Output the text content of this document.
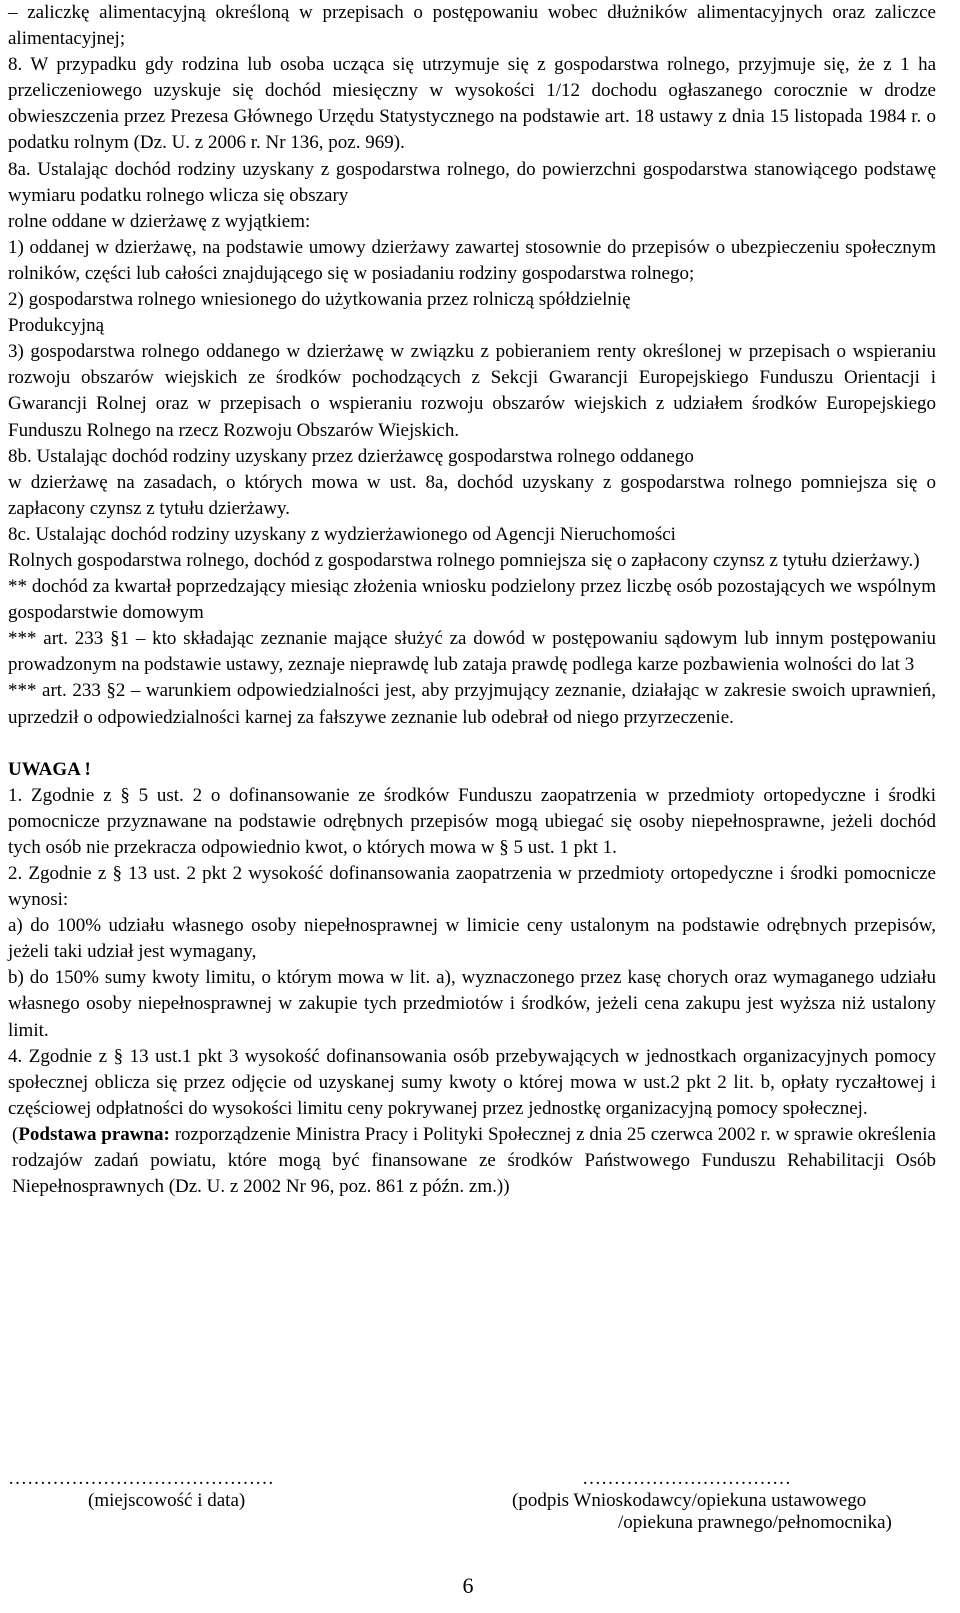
– zaliczkę alimentacyjną określoną w przepisach o postępowaniu wobec dłużników alimentacyjnych oraz zaliczce alimentacyjnej;

8. W przypadku gdy rodzina lub osoba ucząca się utrzymuje się z gospodarstwa rolnego, przyjmuje się, że z 1 ha przeliczeniowego uzyskuje się dochód miesięczny w wysokości 1/12 dochodu ogłaszanego corocznie w drodze obwieszczenia przez Prezesa Głównego Urzędu Statystycznego na podstawie art. 18 ustawy z dnia 15 listopada 1984 r. o podatku rolnym (Dz. U. z 2006 r. Nr 136, poz. 969).

8a. Ustalając dochód rodziny uzyskany z gospodarstwa rolnego, do powierzchni gospodarstwa stanowiącego podstawę wymiaru podatku rolnego wlicza się obszary

rolne oddane w dzierżawę z wyjątkiem:

1) oddanej w dzierżawę, na podstawie umowy dzierżawy zawartej stosownie do przepisów o ubezpieczeniu społecznym rolników, części lub całości znajdującego się w posiadaniu rodziny gospodarstwa rolnego;

2) gospodarstwa rolnego wniesionego do użytkowania przez rolniczą spółdzielnię

Produkcyjną

3) gospodarstwa rolnego oddanego w dzierżawę w związku z pobieraniem renty określonej w przepisach o wspieraniu rozwoju obszarów wiejskich ze środków pochodzących z Sekcji Gwarancji Europejskiego Funduszu Orientacji i Gwarancji Rolnej oraz w przepisach o wspieraniu rozwoju obszarów wiejskich z udziałem środków Europejskiego Funduszu Rolnego na rzecz Rozwoju Obszarów Wiejskich.

8b. Ustalając dochód rodziny uzyskany przez dzierżawcę gospodarstwa rolnego oddanego

w dzierżawę na zasadach, o których mowa w ust. 8a, dochód uzyskany z gospodarstwa rolnego pomniejsza się o zapłacony czynsz z tytułu dzierżawy.

8c. Ustalając dochód rodziny uzyskany z wydzierżawionego od Agencji Nieruchomości

Rolnych gospodarstwa rolnego, dochód z gospodarstwa rolnego pomniejsza się o zapłacony czynsz z tytułu dzierżawy.)

** dochód za kwartał poprzedzający miesiąc złożenia wniosku podzielony przez liczbę osób pozostających we wspólnym gospodarstwie domowym

*** art. 233 §1 – kto składając zeznanie mające służyć za dowód w postępowaniu sądowym lub innym postępowaniu prowadzonym na podstawie ustawy, zeznaje nieprawdę lub zataja prawdę podlega karze pozbawienia wolności do lat 3

*** art. 233 §2 – warunkiem odpowiedzialności jest, aby przyjmujący zeznanie, działając w zakresie swoich uprawnień, uprzedził o odpowiedzialności karnej za fałszywe zeznanie lub odebrał od niego przyrzeczenie.

UWAGA !

1. Zgodnie z § 5 ust. 2 o dofinansowanie ze środków Funduszu zaopatrzenia w przedmioty ortopedyczne i środki pomocnicze przyznawane na podstawie odrębnych przepisów mogą ubiegać się osoby niepełnosprawne, jeżeli dochód tych osób nie przekracza odpowiednio kwot, o których mowa w § 5 ust. 1 pkt 1.

2. Zgodnie z § 13 ust. 2 pkt 2 wysokość dofinansowania zaopatrzenia w przedmioty ortopedyczne i środki pomocnicze wynosi:

a) do 100% udziału własnego osoby niepełnosprawnej w limicie ceny ustalonym na podstawie odrębnych przepisów, jeżeli taki udział jest wymagany,

b) do 150% sumy kwoty limitu, o którym mowa w lit. a), wyznaczonego przez kasę chorych oraz wymaganego udziału własnego osoby niepełnosprawnej w zakupie tych przedmiotów i środków, jeżeli cena zakupu jest wyższa niż ustalony limit.

4. Zgodnie z § 13 ust.1 pkt 3 wysokość dofinansowania osób przebywających w jednostkach organizacyjnych pomocy społecznej oblicza się przez odjęcie od uzyskanej sumy kwoty o której mowa w ust.2 pkt 2 lit. b, opłaty ryczałtowej i częściowej odpłatności do wysokości limitu ceny pokrywanej przez jednostkę organizacyjną pomocy społecznej.

(Podstawa prawna: rozporządzenie Ministra Pracy i Polityki Społecznej z dnia 25 czerwca 2002 r. w sprawie określenia rodzajów zadań powiatu, które mogą być finansowane ze środków Państwowego Funduszu Rehabilitacji Osób Niepełnosprawnych (Dz. U. z 2002 Nr 96, poz. 861 z późn. zm.))

……………………………………
(miejscowość i data)
……………………………
(podpis Wnioskodawcy/opiekuna ustawowego
/opiekuna prawnego/pełnomocnika)
6
